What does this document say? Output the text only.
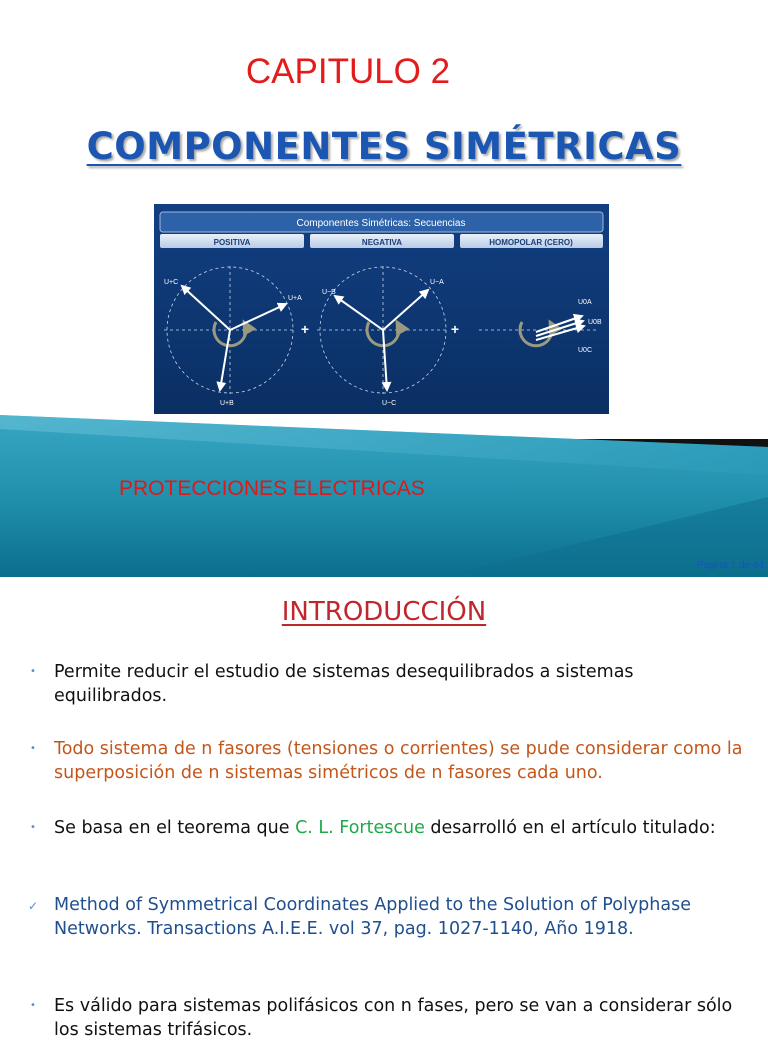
CAPITULO 2
COMPONENTES SIMÉTRICAS
Componentes Simétricas: Secuencias
POSITIVA	NEGATIVA	HOMOPOLAR (CERO)
U+C
U+A
U+B
+
U−B
U−A
U−C
+
U0A
U0B
U0C
PROTECCIONES ELECTRICAS
Pagina 1 de 64
INTRODUCCIÓN
• Permite reducir el estudio de sistemas desequilibrados a sistemas equilibrados.
• Todo sistema de n fasores (tensiones o corrientes) se pude considerar como la superposición de n sistemas simétricos de n fasores cada uno.
• Se basa en el teorema que C. L. Fortescue desarrolló en el artículo titulado:
✓ Method of Symmetrical Coordinates Applied to the Solution of Polyphase Networks. Transactions A.I.E.E. vol 37, pag. 1027-1140, Año 1918.
• Es válido para sistemas polifásicos con n fases, pero se van a considerar sólo los sistemas trifásicos.
